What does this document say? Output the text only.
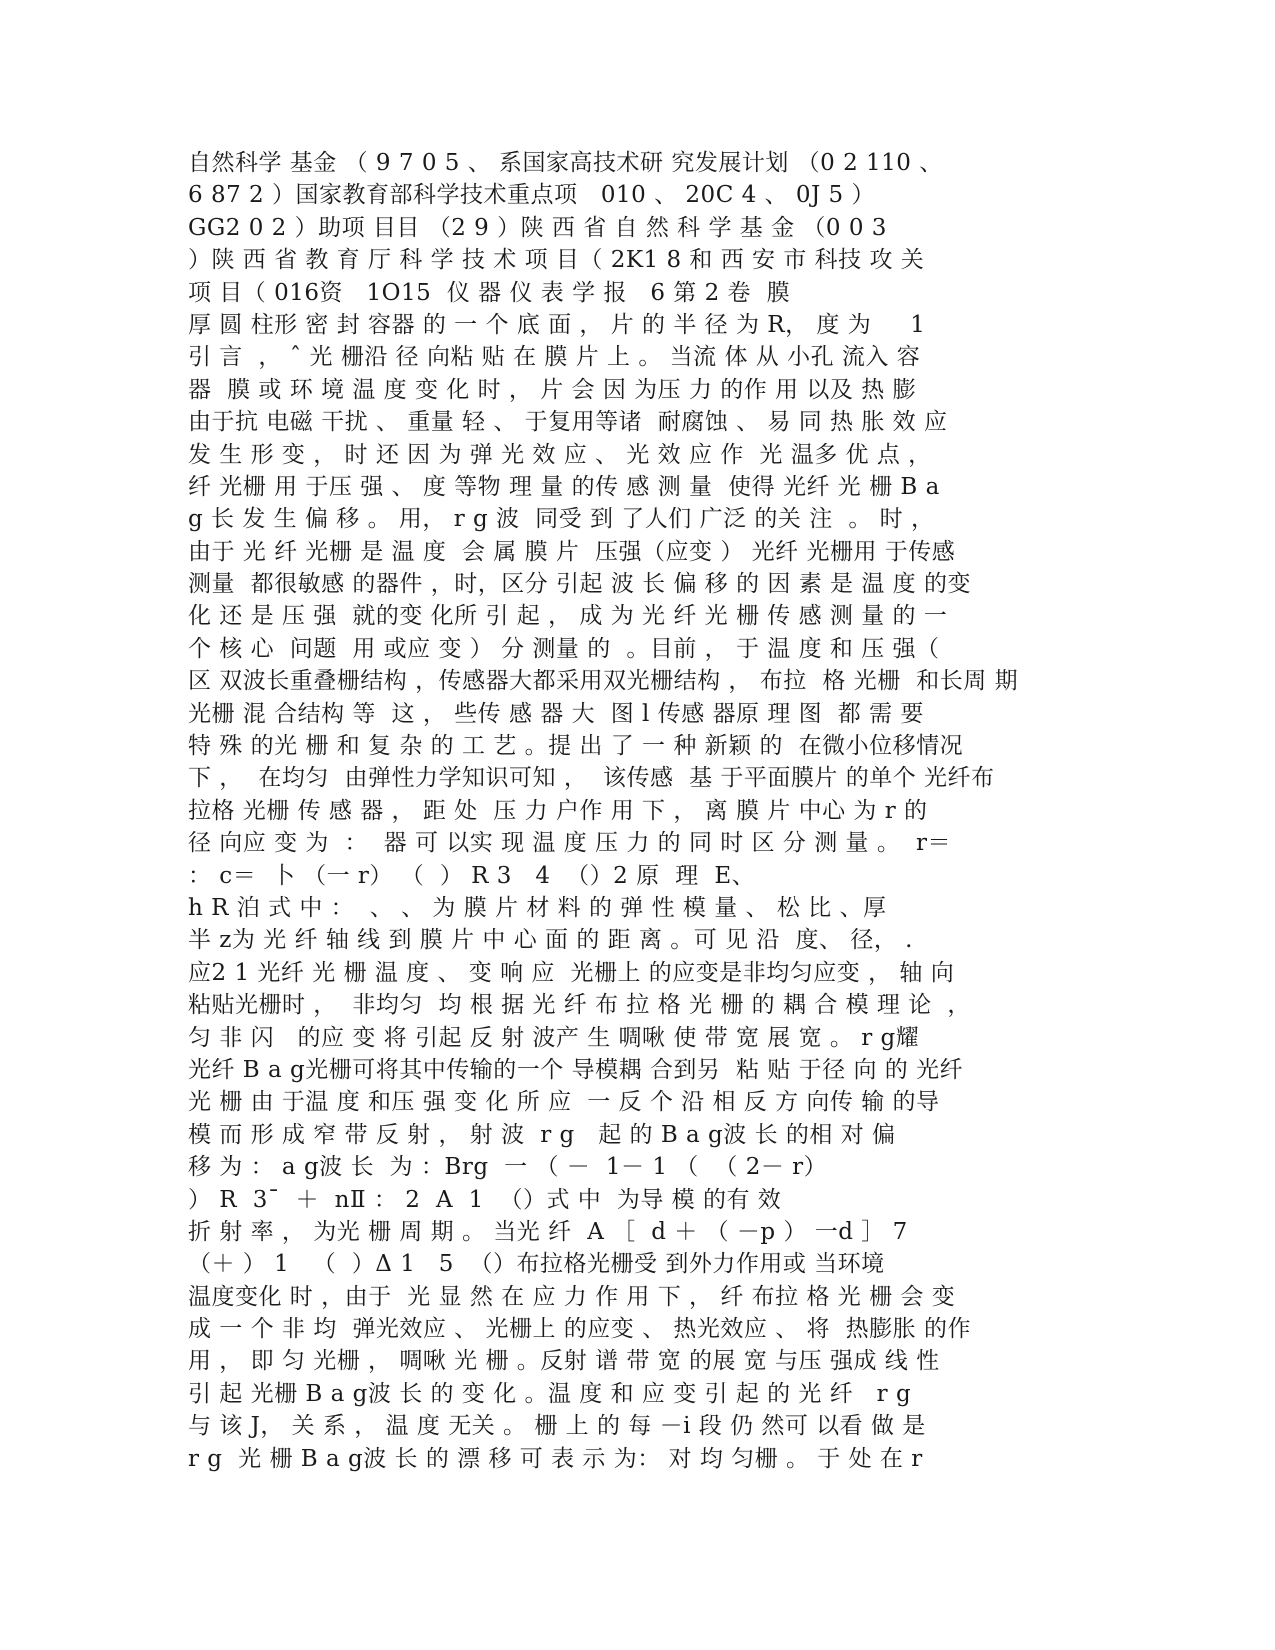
自然科学 基金 （ 9 7 0 5 、 系国家高技术研 究发展计划 （0 2 110 、
6 87 2 ）国家教育部科学技术重点项   010 、 20C 4 、 0J 5 ）
GG2 0 2 ）助项 目目 （2 9 ）陕 西 省 自 然 科 学 基 金 （0 0 3
）陕 西 省 教 育 厅 科 学 技 术 项 目（ 2K1 8 和 西 安 市 科技 攻 关
项 目（ 016资   1O15  仪 器 仪 表 学 报   6 第 2 卷  膜
厚 圆 柱形 密 封 容器 的 一 个 底 面 ， 片 的 半 径 为 R， 度 为     1
引 言  ， ˆ 光 栅沿 径 向粘 贴 在 膜 片 上 。 当流 体 从 小孔 流入 容
器  膜 或 环 境 温 度 变 化 时 ， 片 会 因 为压 力 的作 用 以及 热 膨
由于抗 电磁 干扰 、 重量 轻 、 于复用等诸  耐腐蚀 、 易 同 热 胀 效 应
发 生 形 变 ， 时 还 因 为 弹 光 效 应 、 光 效 应 作  光 温多 优 点 ，
纤 光栅 用 于压 强 、 度 等物 理 量 的传 感 测 量  使得 光纤 光 栅 B a
g 长 发 生 偏 移 。 用， r g 波  同受 到 了人们 广泛 的关 注  。 时 ，
由于 光 纤 光栅 是 温 度  会 属 膜 片  压强（应变 ） 光纤 光栅用 于传感
测量  都很敏感 的器件 ，时，区分 引起 波 长 偏 移 的 因 素 是 温 度 的变
化 还 是 压 强  就的变 化所 引 起 ， 成 为 光 纤 光 栅 传 感 测 量 的 一
个 核 心  问题  用 或应 变 ） 分 测量 的  。目前 ， 于 温 度 和 压 强（
区 双波长重叠栅结构 ，传感器大都采用双光栅结构 ， 布拉  格 光栅  和长周 期
光栅 混 合结构 等  这 ， 些传 感 器 大  图 l 传感 器原 理 图  都 需 要
特 殊 的光 栅 和 复 杂 的 工 艺 。提 出 了 一 种 新颖 的  在微小位移情况
下 ，  在均匀  由弹性力学知识可知 ，  该传感  基 于平面膜片 的单个 光纤布
拉格 光栅 传 感 器 ， 距 处  压 力 户作 用 下 ， 离 膜 片 中心 为 r 的
径 向应 变 为  ：  器 可 以实 现 温 度 压 力 的 同 时 区 分 测 量 。  r＝
： c＝  卜 （一 r） （  ） R 3   4  （）2 原  理  E、
h R 泊 式 中 ：  、 、 为 膜 片 材 料 的 弹 性 模 量 、 松 比 、厚
半 z为 光 纤 轴 线 到 膜 片 中 心 面 的 距 离 。可 见 沿  度、 径， .
应2 1 光纤 光 栅 温 度 、 变 响 应  光栅上 的应变是非均匀应变 ， 轴 向
粘贴光栅时 ，  非均匀  均 根 据 光 纤 布 拉 格 光 栅 的 耦 合 模 理 论  ，
匀 非 闪   的应 变 将 引起 反 射 波产 生 啁啾 使 带 宽 展 宽 。 r g耀
光纤 B a g光栅可将其中传输的一个 导模耦 合到另  粘 贴 于径 向 的 光纤
光 栅 由 于温 度 和压 强 变 化 所 应  一 反 个 沿 相 反 方 向传 输 的导
模 而 形 成 窄 带 反 射 ， 射 波  r g   起 的 B a g波 长 的相 对 偏
移 为 ： a g波 长  为 ：Brg  一 （ －  1－ 1 （  （ 2－ r）
） R  3¯  ＋  nⅡ ： 2  A  1  （）式 中  为导 模 的有 效
折 射 率 ， 为光 栅 周 期 。 当光 纤  A ［  d ＋ （ －p ） 一d ］ 7
（＋ ） 1   （  ）Δ 1   5  （）布拉格光栅受 到外力作用或 当环境
温度变化 时 ，由于  光 显 然 在 应 力 作 用 下 ， 纤 布拉 格 光 栅 会 变
成 一 个 非 均  弹光效应 、 光栅上 的应变 、 热光效应 、 将  热膨胀 的作
用 ， 即 匀 光栅 ， 啁啾 光 栅 。反射 谱 带 宽 的展 宽 与压 强成 线 性
引 起 光栅 B a g波 长 的 变 化 。温 度 和 应 变 引 起 的 光 纤   r g
与 该 J， 关 系 ， 温 度 无关 。 栅 上 的 每 －i 段 仍 然可 以看 做 是
r g  光 栅 B a g波 长 的 漂 移 可 表 示 为： 对 均 匀栅 。 于 处 在 r
